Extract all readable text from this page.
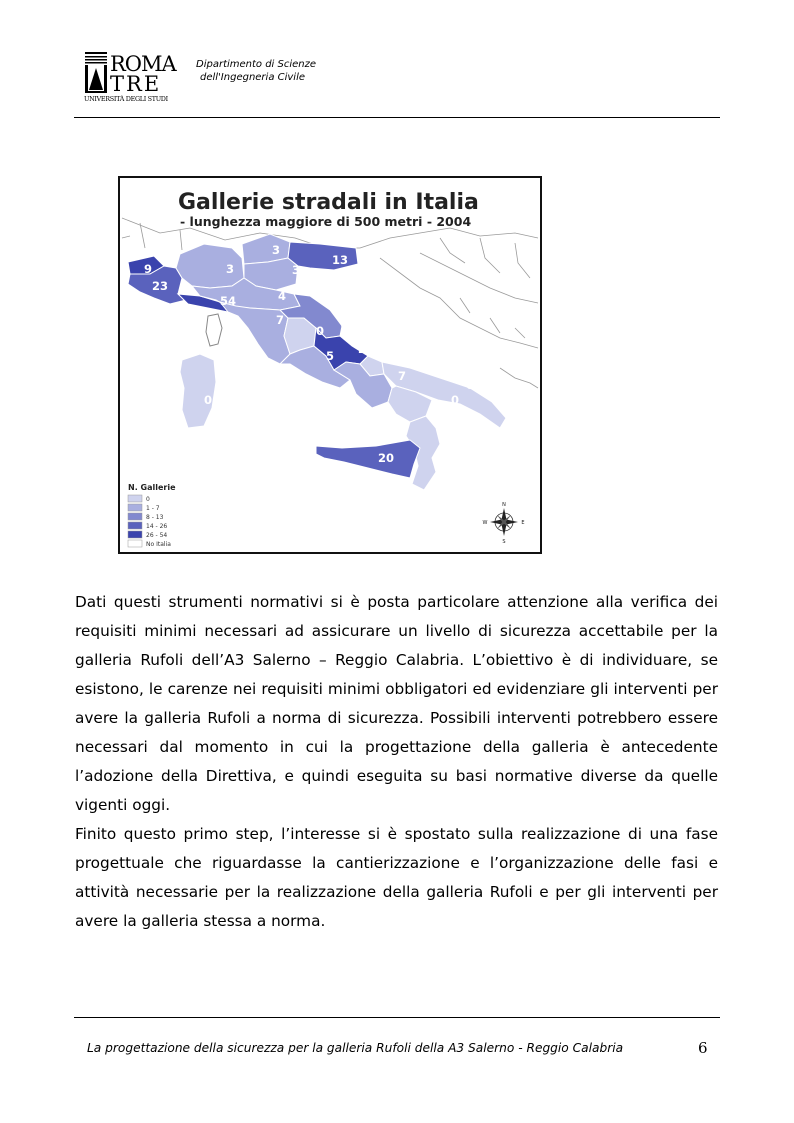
ROMA
TRE
UNIVERSITÀ DEGLI STUDI
Dipartimento di Scienze
dell'Ingegneria Civile
Gallerie stradali in Italia
- lunghezza maggiore di 500 metri - 2004
9
23
54
3
3
3
4
7
0
10
13
20
5	0
7
0
0
0
0
20
N. Gallerie
0
1 - 7
8 - 13
14 - 26
26 - 54
No Italia
N
S
E
W

Dati questi strumenti normativi si è posta particolare attenzione alla verifica dei requisiti minimi necessari ad assicurare un livello di sicurezza accettabile per la galleria Rufoli dell’A3 Salerno – Reggio Calabria. L’obiettivo è di individuare, se esistono, le carenze nei requisiti minimi obbligatori ed evidenziare gli interventi per avere la galleria Rufoli a norma di sicurezza. Possibili interventi potrebbero essere necessari dal momento in cui la progettazione della galleria è antecedente l’adozione della Direttiva, e quindi eseguita su basi normative diverse da quelle vigenti oggi.

Finito questo primo step, l’interesse si è spostato sulla realizzazione di una fase progettuale che riguardasse la cantierizzazione e l’organizzazione delle fasi e attività necessarie per la realizzazione della galleria Rufoli e per gli interventi per avere la galleria stessa a norma.

La progettazione della sicurezza per la galleria Rufoli della A3 Salerno - Reggio Calabria	6
